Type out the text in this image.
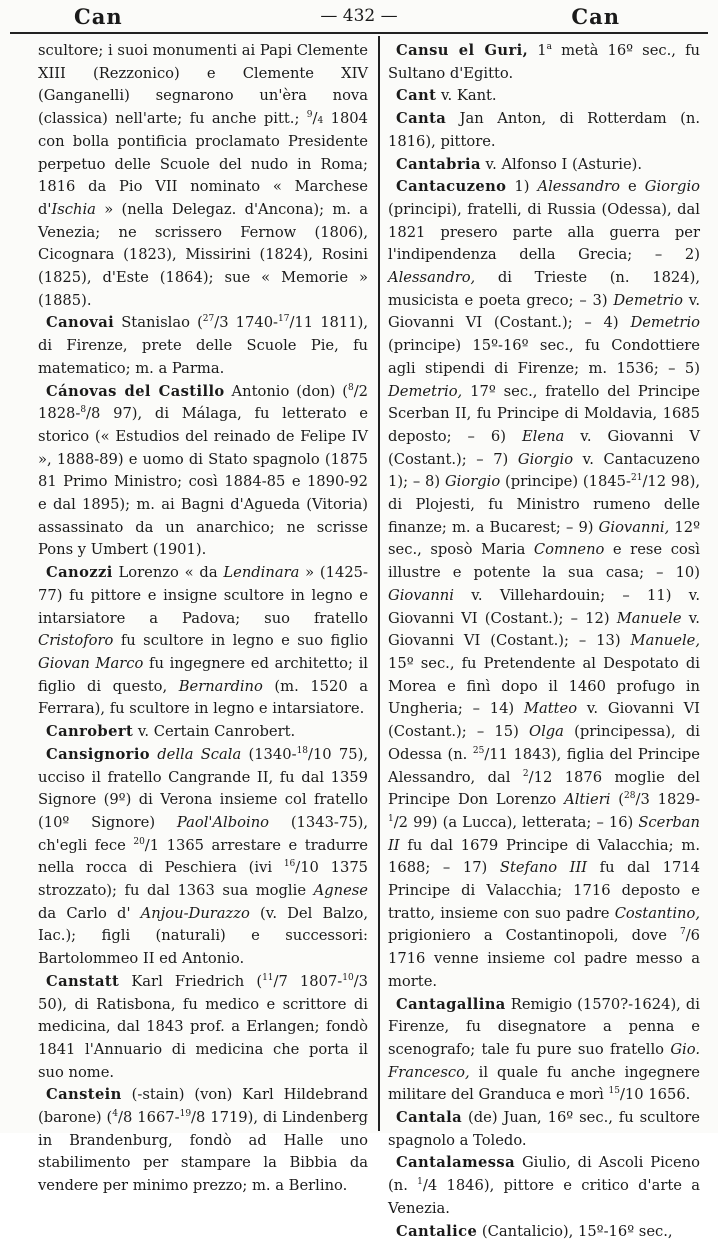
Can	— 432 —	Can

scultore; i suoi monumenti ai Papi Clemente XIII (Rezzonico) e Clemente XIV (Ganganelli) segnarono un'èra nova (classica) nell'arte; fu anche pitt.; $^9$/4 1804 con bolla pontificia proclamato Presidente perpetuo delle Scuole del nudo in Roma; 1816 da Pio VII nominato « Marchese d'Ischia » (nella Delegaz. d'Ancona); m. a Venezia; ne scrissero Fernow (1806), Cicognara (1823), Missirini (1824), Rosini (1825), d'Este (1864); sue « Memorie » (1885).

Canovai Stanislao ($^{27}$/3 1740-$^{17}$/11 1811), di Firenze, prete delle Scuole Pie, fu matematico; m. a Parma.

Cánovas del Castillo Antonio (don) ($^8$/2 1828-$^8$/8 97), di Málaga, fu letterato e storico (« Estudios del reinado de Felipe IV », 1888-89) e uomo di Stato spagnolo (1875 81 Primo Ministro; così 1884-85 e 1890-92 e dal 1895); m. ai Bagni d'Agueda (Vitoria) assassinato da un anarchico; ne scrisse Pons y Umbert (1901).

Canozzi Lorenzo « da Lendinara » (1425-77) fu pittore e insigne scultore in legno e intarsiatore a Padova; suo fratello Cristoforo fu scultore in legno e suo figlio Giovan Marco fu ingegnere ed architetto; il figlio di questo, Bernardino (m. 1520 a Ferrara), fu scultore in legno e intarsiatore.

Canrobert v. Certain Canrobert.

Cansignorio della Scala (1340-$^{18}$/10 75), ucciso il fratello Cangrande II, fu dal 1359 Signore (9º) di Verona insieme col fratello (10º Signore) Paol'Alboino (1343-75), ch'egli fece $^{20}$/1 1365 arrestare e tradurre nella rocca di Peschiera (ivi $^{16}$/10 1375 strozzato); fu dal 1363 sua moglie Agnese da Carlo d' Anjou-Durazzo (v. Del Balzo, Iac.); figli (naturali) e successori: Bartolommeo II ed Antonio.

Canstatt Karl Friedrich ($^{11}$/7 1807-$^{10}$/3 50), di Ratisbona, fu medico e scrittore di medicina, dal 1843 prof. a Erlangen; fondò 1841 l'Annuario di medicina che porta il suo nome.

Canstein (-stain) (von) Karl Hildebrand (barone) ($^4$/8 1667-$^{19}$/8 1719), di Lindenberg in Brandenburg, fondò ad Halle uno stabilimento per stampare la Bibbia da vendere per minimo prezzo; m. a Berlino.

Cansu el Guri, 1$^a$ metà 16º sec., fu Sultano d'Egitto.

Cant v. Kant.

Canta Jan Anton, di Rotterdam (n. 1816), pittore.

Cantabria v. Alfonso I (Asturie).

Cantacuzeno 1) Alessandro e Giorgio (principi), fratelli, di Russia (Odessa), dal 1821 presero parte alla guerra per l'indipendenza della Grecia; – 2) Alessandro, di Trieste (n. 1824), musicista e poeta greco; – 3) Demetrio v. Giovanni VI (Costant.); – 4) Demetrio (principe) 15º-16º sec., fu Condottiere agli stipendi di Firenze; m. 1536; – 5) Demetrio, 17º sec., fratello del Principe Scerban II, fu Principe di Moldavia, 1685 deposto; – 6) Elena v. Giovanni V (Costant.); – 7) Giorgio v. Cantacuzeno 1); – 8) Giorgio (principe) (1845-$^{21}$/12 98), di Plojesti, fu Ministro rumeno delle finanze; m. a Bucarest; – 9) Giovanni, 12º sec., sposò Maria Comneno e rese così illustre e potente la sua casa; – 10) Giovanni v. Villehardouin; – 11) v. Giovanni VI (Costant.); – 12) Manuele v. Giovanni VI (Costant.); – 13) Manuele, 15º sec., fu Pretendente al Despotato di Morea e finì dopo il 1460 profugo in Ungheria; – 14) Matteo v. Giovanni VI (Costant.); – 15) Olga (principessa), di Odessa (n. $^{25}$/11 1843), figlia del Principe Alessandro, dal $^2$/12 1876 moglie del Principe Don Lorenzo Altieri ($^{28}$/3 1829-$^1$/2 99) (a Lucca), letterata; – 16) Scerban II fu dal 1679 Principe di Valacchia; m. 1688; – 17) Stefano III fu dal 1714 Principe di Valacchia; 1716 deposto e tratto, insieme con suo padre Costantino, prigioniero a Costantinopoli, dove $^7$/6 1716 venne insieme col padre messo a morte.

Cantagallina Remigio (1570?-1624), di Firenze, fu disegnatore a penna e scenografo; tale fu pure suo fratello Gio. Francesco, il quale fu anche ingegnere militare del Granduca e morì $^{15}$/10 1656.

Cantala (de) Juan, 16º sec., fu scultore spagnolo a Toledo.

Cantalamessa Giulio, di Ascoli Piceno (n. $^1$/4 1846), pittore e critico d'arte a Venezia.

Cantalice (Cantalicio), 15º-16º sec.,
